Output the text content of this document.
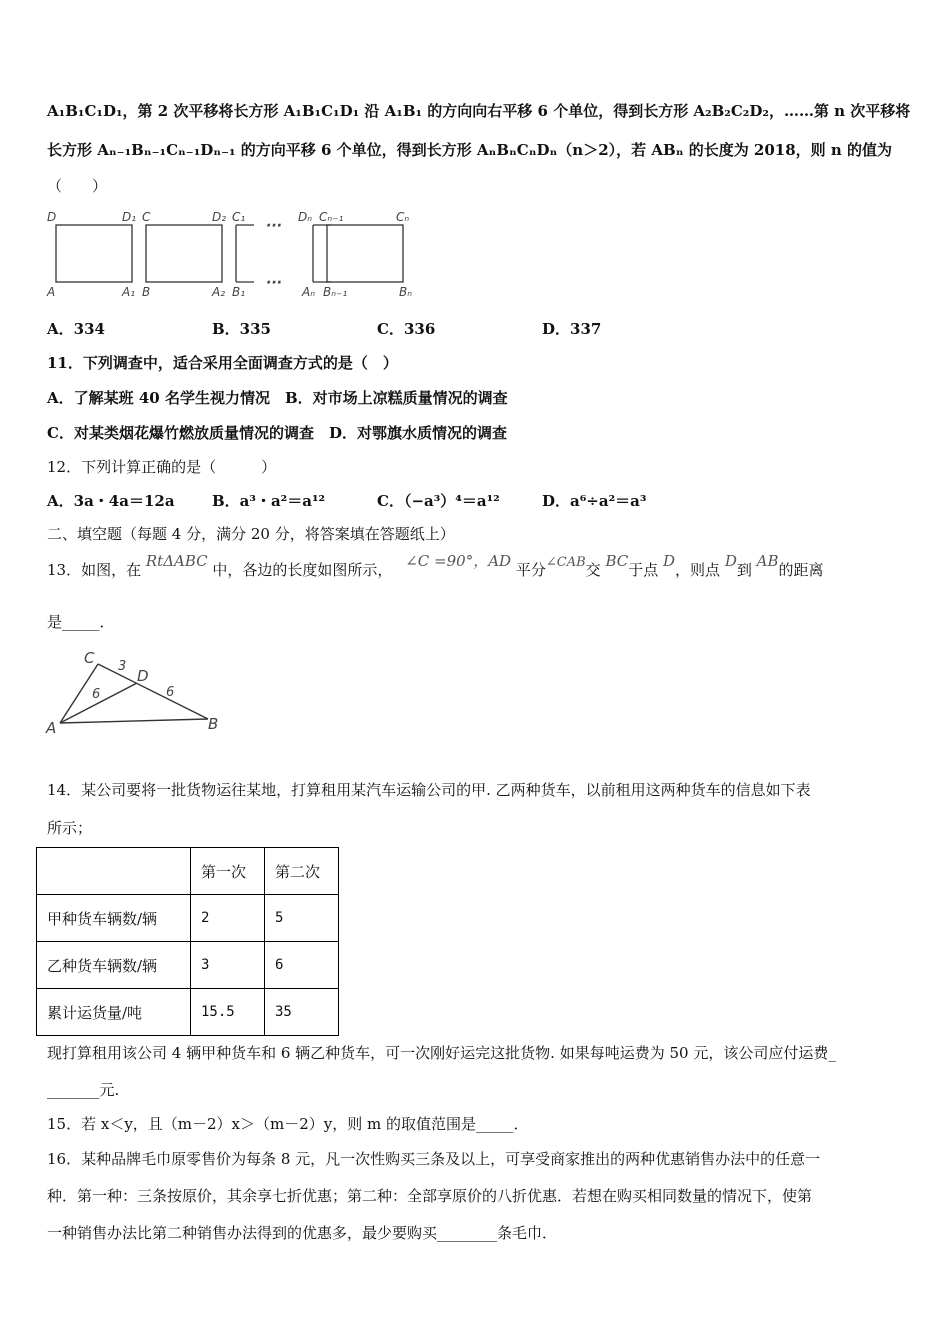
A₁B₁C₁D₁，第 2 次平移将长方形 A₁B₁C₁D₁ 沿 A₁B₁ 的方向向右平移 6 个单位，得到长方形 A₂B₂C₂D₂，……第 n 次平移将
长方形 Aₙ₋₁Bₙ₋₁Cₙ₋₁Dₙ₋₁ 的方向平移 6 个单位，得到长方形 AₙBₙCₙDₙ（n＞2），若 ABₙ 的长度为 2018，则 n 的值为
（　　）
···
···
D	D₁ C	D₂ C₁	Dₙ Cₙ₋₁	Cₙ
A	A₁ B	A₂ B₁	Aₙ Bₙ₋₁	Bₙ
A．334	B．335	C．336	D．337
11．下列调查中，适合采用全面调查方式的是（　）
A．了解某班 40 名学生视力情况　B．对市场上凉糕质量情况的调查
C．对某类烟花爆竹燃放质量情况的调查　D．对鄂旗水质情况的调查
12．下列计算正确的是（　　　）
A．3a・4a＝12a B．a³・a²＝a¹²	C．（−a³）⁴＝a¹²	D．a⁶÷a²＝a³
二、填空题（每题 4 分，满分 20 分，将答案填在答题纸上）
13．如图，在 RtΔABC 中，各边的长度如图所示， ∠C =90°，AD 平分∠CAB交 BC于点 D，则点 D到 AB的距离
是_____．
C
D
A	B
3
6	6
14．某公司要将一批货物运往某地，打算租用某汽车运输公司的甲. 乙两种货车，以前租用这两种货车的信息如下表
所示；
	第一次	第二次
甲种货车辆数/辆	2	5
乙种货车辆数/辆	3	6
累计运货量/吨	15.5	35
现打算租用该公司 4 辆甲种货车和 6 辆乙种货车，可一次刚好运完这批货物. 如果每吨运费为 50 元，该公司应付运费_
_______元.
15．若 x＜y，且（m－2）x＞（m－2）y，则 m 的取值范围是_____．
16．某种品牌毛巾原零售价为每条 8 元，凡一次性购买三条及以上，可享受商家推出的两种优惠销售办法中的任意一
种．第一种：三条按原价，其余享七折优惠；第二种：全部享原价的八折优惠．若想在购买相同数量的情况下，使第
一种销售办法比第二种销售办法得到的优惠多，最少要购买________条毛巾．
